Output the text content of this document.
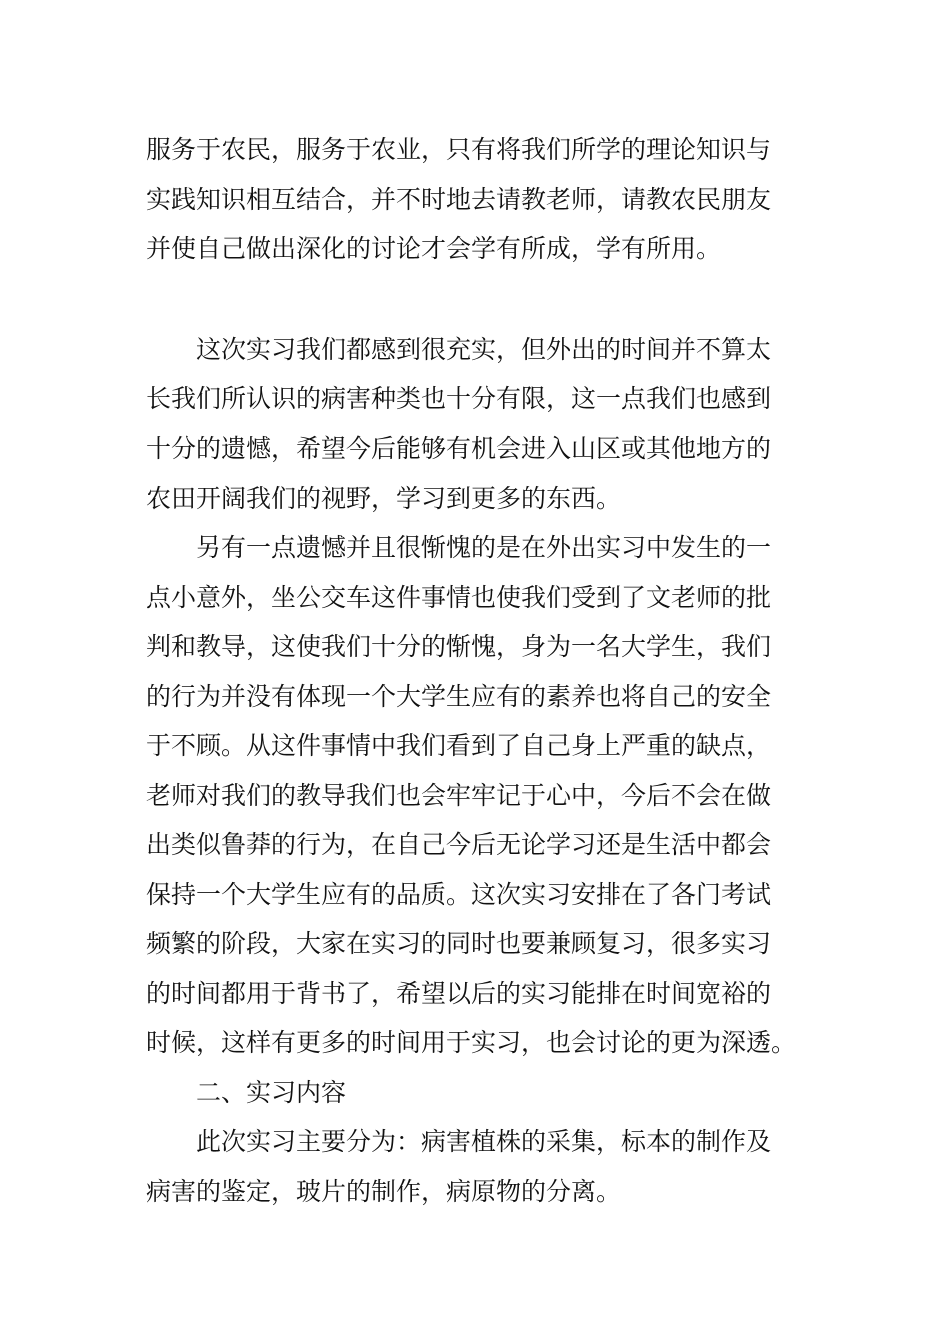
服务于农民，服务于农业，只有将我们所学的理论知识与
实践知识相互结合，并不时地去请教老师，请教农民朋友
并使自己做出深化的讨论才会学有所成，学有所用。
这次实习我们都感到很充实，但外出的时间并不算太
长我们所认识的病害种类也十分有限，这一点我们也感到
十分的遗憾，希望今后能够有机会进入山区或其他地方的
农田开阔我们的视野，学习到更多的东西。
另有一点遗憾并且很惭愧的是在外出实习中发生的一
点小意外，坐公交车这件事情也使我们受到了文老师的批
判和教导，这使我们十分的惭愧，身为一名大学生，我们
的行为并没有体现一个大学生应有的素养也将自己的安全
于不顾。从这件事情中我们看到了自己身上严重的缺点，
老师对我们的教导我们也会牢牢记于心中，今后不会在做
出类似鲁莽的行为，在自己今后无论学习还是生活中都会
保持一个大学生应有的品质。这次实习安排在了各门考试
频繁的阶段，大家在实习的同时也要兼顾复习，很多实习
的时间都用于背书了，希望以后的实习能排在时间宽裕的
时候，这样有更多的时间用于实习，也会讨论的更为深透。
二、实习内容
此次实习主要分为：病害植株的采集，标本的制作及
病害的鉴定，玻片的制作，病原物的分离。
